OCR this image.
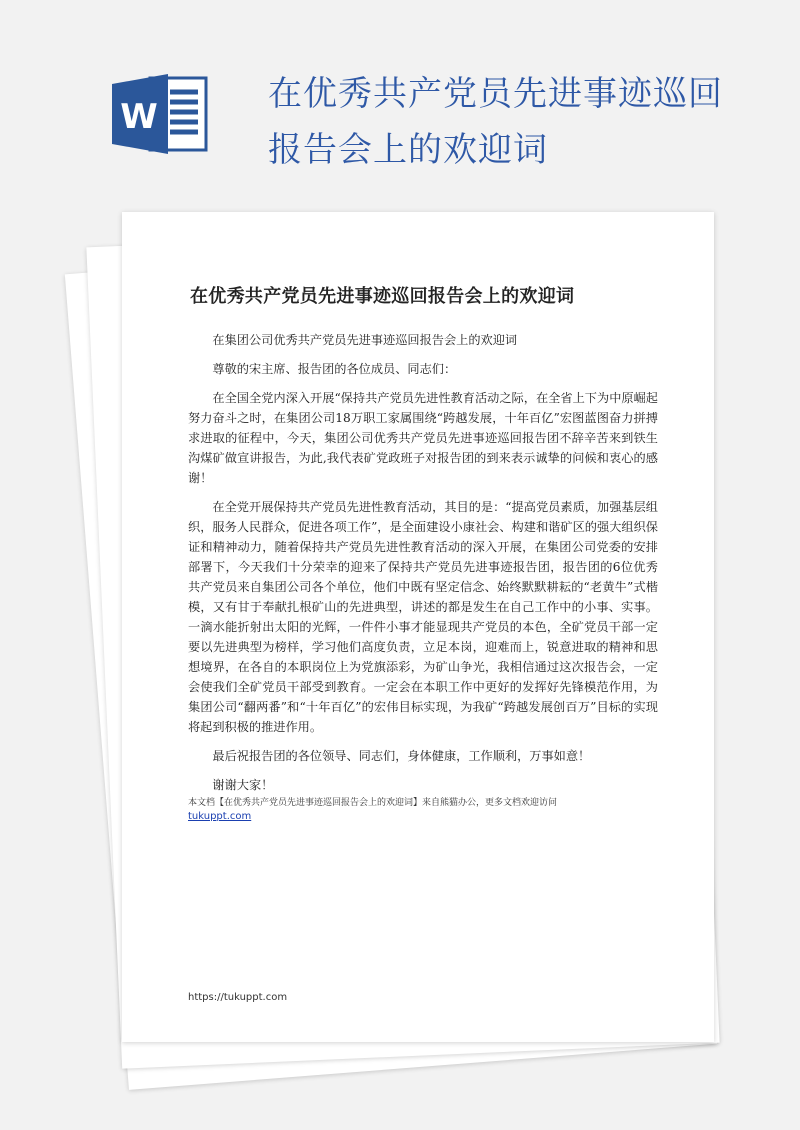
W
在优秀共产党员先进事迹巡回
报告会上的欢迎词
在优秀共产党员先进事迹巡回报告会上的欢迎词

在集团公司优秀共产党员先进事迹巡回报告会上的欢迎词

尊敬的宋主席、报告团的各位成员、同志们：

在全国全党内深入开展“保持共产党员先进性教育活动之际，在全省上下为中原崛起努力奋斗之时，在集团公司18万职工家属围绕“跨越发展，十年百亿”宏图蓝图奋力拼搏求进取的征程中，今天，集团公司优秀共产党员先进事迹巡回报告团不辞辛苦来到铁生沟煤矿做宣讲报告，为此,我代表矿党政班子对报告团的到来表示诚挚的问候和衷心的感谢！

在全党开展保持共产党员先进性教育活动，其目的是：“提高党员素质，加强基层组织，服务人民群众，促进各项工作”，是全面建设小康社会、构建和谐矿区的强大组织保证和精神动力，随着保持共产党员先进性教育活动的深入开展，在集团公司党委的安排部署下，今天我们十分荣幸的迎来了保持共产党员先进事迹报告团，报告团的6位优秀共产党员来自集团公司各个单位，他们中既有坚定信念、始终默默耕耘的“老黄牛”式楷模，又有甘于奉献扎根矿山的先进典型，讲述的都是发生在自己工作中的小事、实事。一滴水能折射出太阳的光辉，一件件小事才能显现共产党员的本色，全矿党员干部一定要以先进典型为榜样，学习他们高度负责，立足本岗，迎难而上，锐意进取的精神和思想境界，在各自的本职岗位上为党旗添彩，为矿山争光，我相信通过这次报告会，一定会使我们全矿党员干部受到教育。一定会在本职工作中更好的发挥好先锋模范作用，为集团公司“翻两番”和“十年百亿”的宏伟目标实现，为我矿“跨越发展创百万”目标的实现将起到积极的推进作用。

最后祝报告团的各位领导、同志们，身体健康，工作顺利，万事如意！

谢谢大家！

本文档【在优秀共产党员先进事迹巡回报告会上的欢迎词】来自熊猫办公，更多文档欢迎访问
tukuppt.com
https://tukuppt.com
